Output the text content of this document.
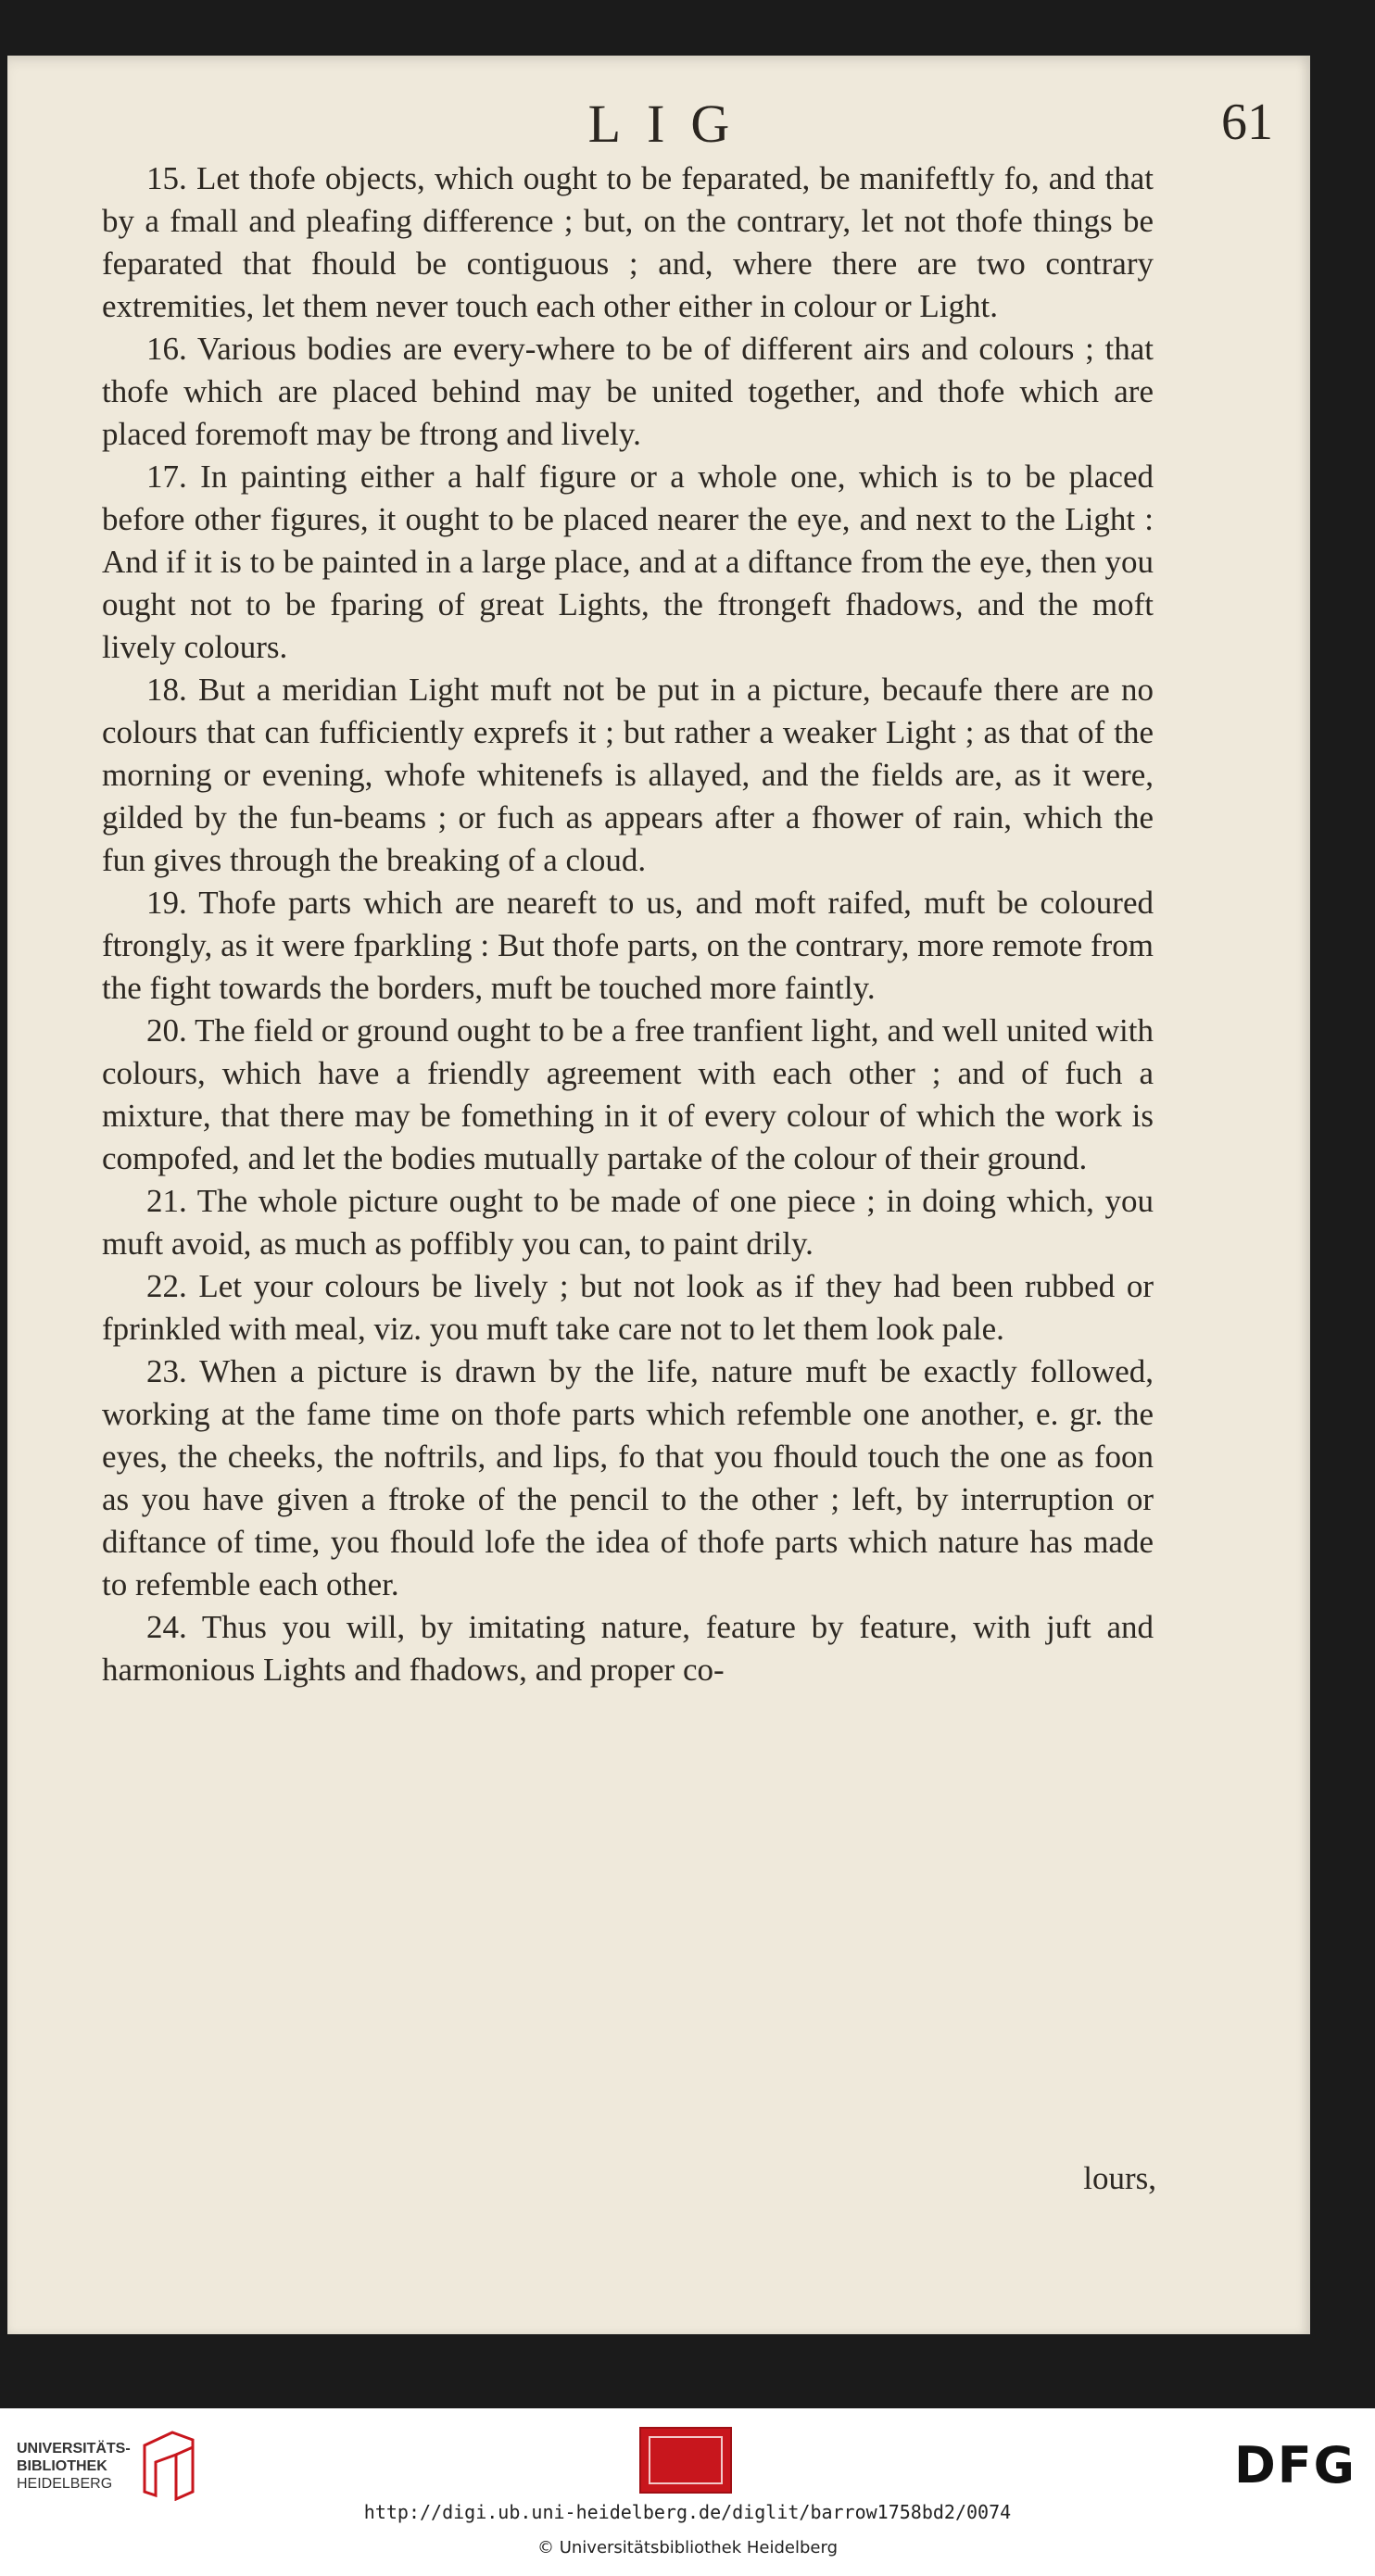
LIG	61

15. Let thofe objects, which ought to be feparated, be manifeftly fo, and that by a fmall and pleafing difference ; but, on the contrary, let not thofe things be feparated that fhould be contiguous ; and, where there are two contrary extremities, let them never touch each other either in colour or Light.

16. Various bodies are every-where to be of different airs and colours ; that thofe which are placed behind may be united together, and thofe which are placed foremoft may be ftrong and lively.

17. In painting either a half figure or a whole one, which is to be placed before other figures, it ought to be placed nearer the eye, and next to the Light : And if it is to be painted in a large place, and at a diftance from the eye, then you ought not to be fparing of great Lights, the ftrongeft fhadows, and the moft lively colours.

18. But a meridian Light muft not be put in a picture, becaufe there are no colours that can fufficiently exprefs it ; but rather a weaker Light ; as that of the morning or evening, whofe whitenefs is allayed, and the fields are, as it were, gilded by the fun-beams ; or fuch as appears after a fhower of rain, which the fun gives through the breaking of a cloud.

19. Thofe parts which are neareft to us, and moft raifed, muft be coloured ftrongly, as it were fparkling : But thofe parts, on the contrary, more remote from the fight towards the borders, muft be touched more faintly.

20. The field or ground ought to be a free tranfient light, and well united with colours, which have a friendly agreement with each other ; and of fuch a mixture, that there may be fomething in it of every colour of which the work is compofed, and let the bodies mutually partake of the colour of their ground.

21. The whole picture ought to be made of one piece ; in doing which, you muft avoid, as much as poffibly you can, to paint drily.

22. Let your colours be lively ; but not look as if they had been rubbed or fprinkled with meal, viz. you muft take care not to let them look pale.

23. When a picture is drawn by the life, nature muft be exactly followed, working at the fame time on thofe parts which refemble one another, e. gr. the eyes, the cheeks, the noftrils, and lips, fo that you fhould touch the one as foon as you have given a ftroke of the pencil to the other ; left, by interruption or diftance of time, you fhould lofe the idea of thofe parts which nature has made to refemble each other.

24. Thus you will, by imitating nature, feature by feature, with juft and harmonious Lights and fhadows, and proper co-

lours,
UNIVERSITÄTS-
BIBLIOTHEK
HEIDELBERG	DFG
http://digi.ub.uni-heidelberg.de/diglit/barrow1758bd2/0074
© Universitätsbibliothek Heidelberg
